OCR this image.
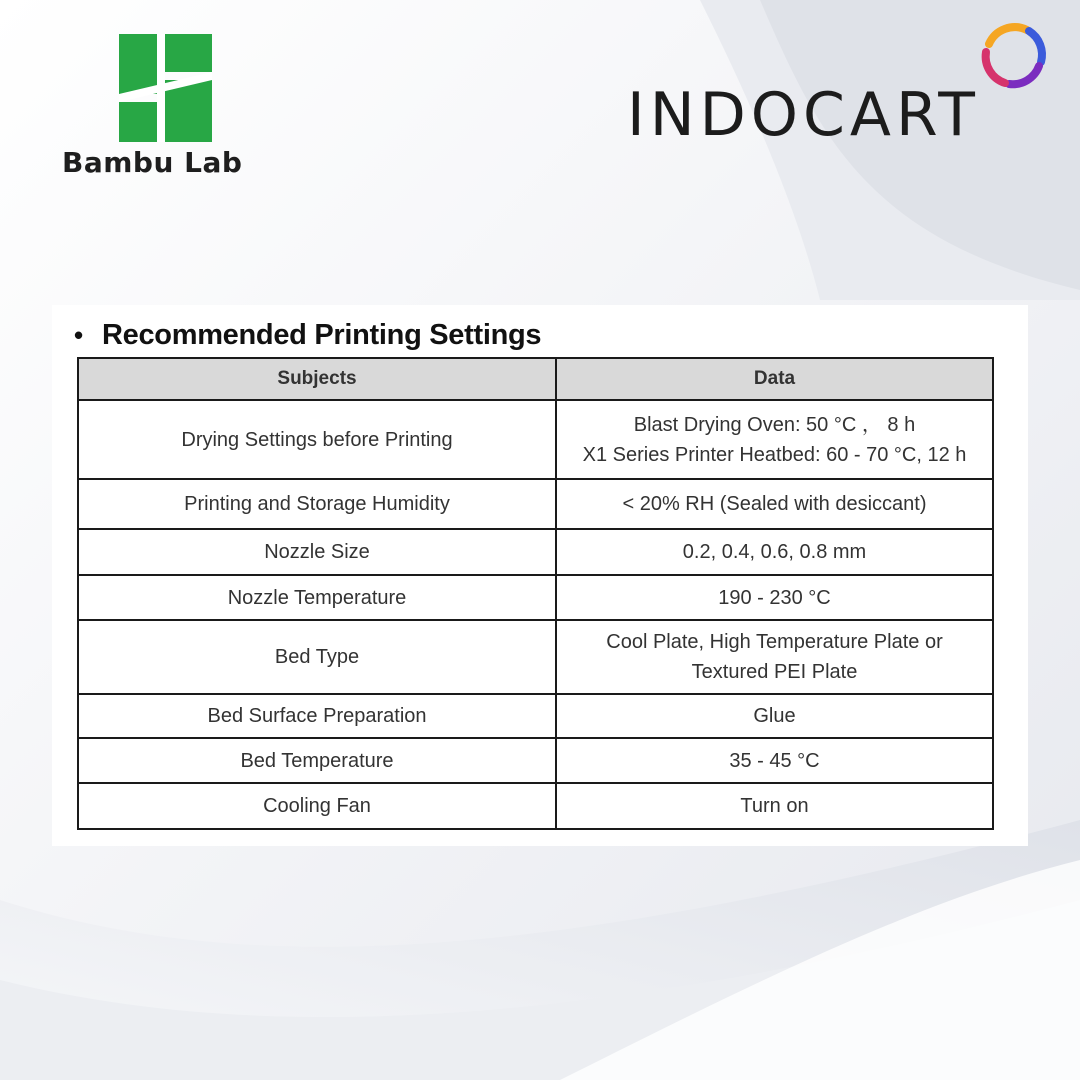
Bambu Lab
INDOCART
• Recommended Printing Settings
Subjects	Data
Drying Settings before Printing	Blast Drying Oven: 50 °C ， 8 h
X1 Series Printer Heatbed: 60 - 70 °C, 12 h

Printing and Storage Humidity	< 20% RH (Sealed with desiccant)

Nozzle Size	0.2, 0.4, 0.6, 0.8 mm

Nozzle Temperature	190 - 230 °C

Bed Type	Cool Plate, High Temperature Plate or
Textured PEI Plate

Bed Surface Preparation	Glue

Bed Temperature	35 - 45 °C

Cooling Fan	Turn on
